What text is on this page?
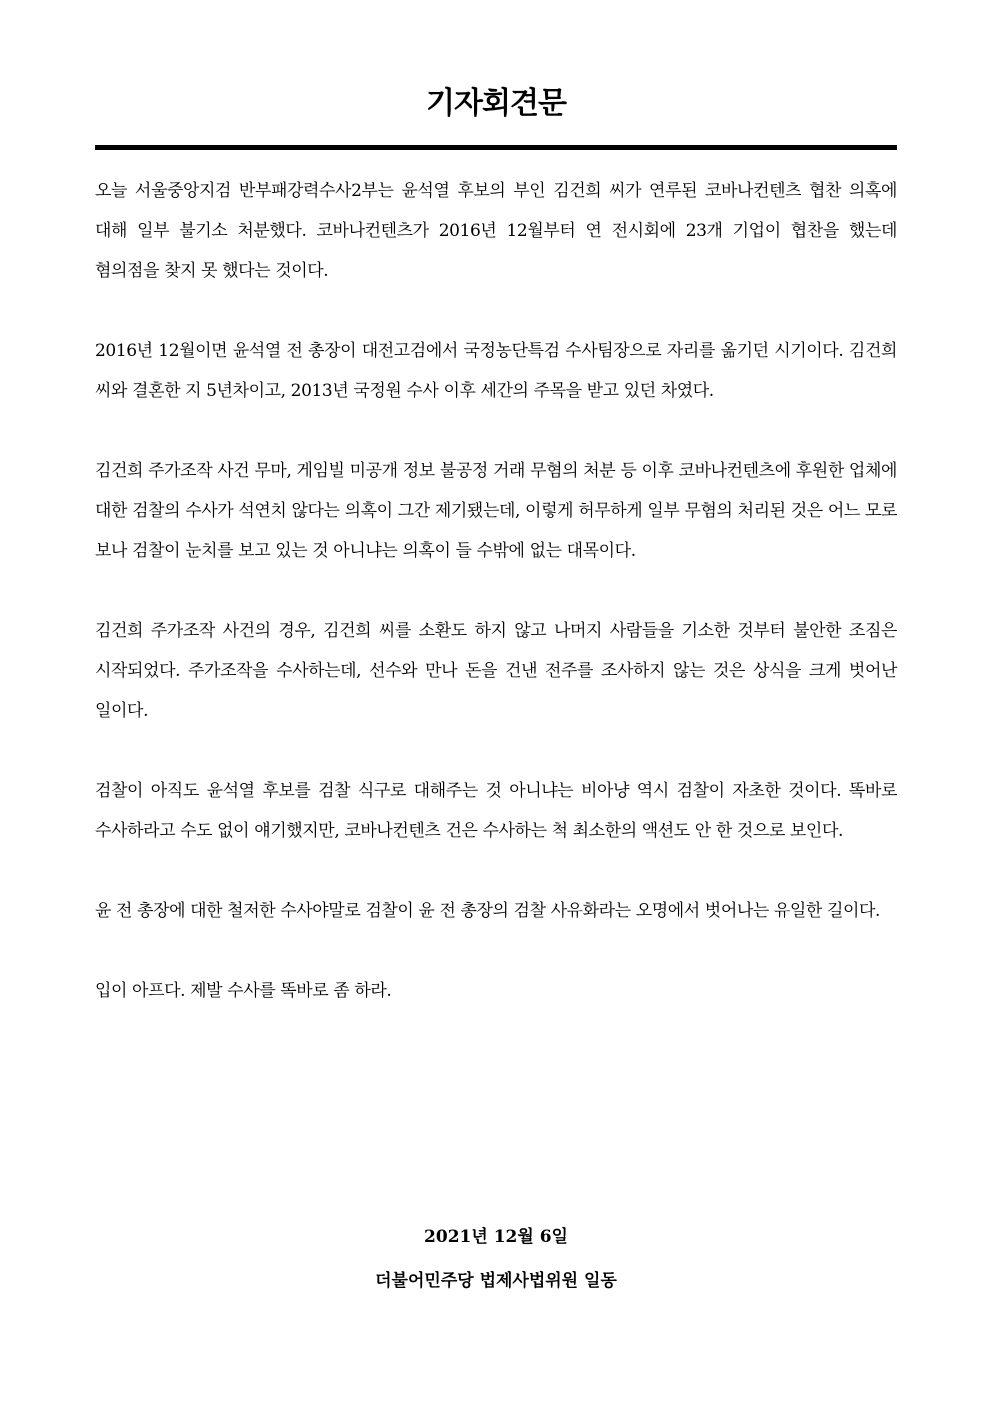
기자회견문

오늘 서울중앙지검 반부패강력수사2부는 윤석열 후보의 부인 김건희 씨가 연루된 코바나컨텐츠 협찬 의혹에 대해 일부 불기소 처분했다. 코바나컨텐츠가 2016년 12월부터 연 전시회에 23개 기업이 협찬을 했는데 혐의점을 찾지 못 했다는 것이다.

2016년 12월이면 윤석열 전 총장이 대전고검에서 국정농단특검 수사팀장으로 자리를 옮기던 시기이다. 김건희 씨와 결혼한 지 5년차이고, 2013년 국정원 수사 이후 세간의 주목을 받고 있던 차였다.

김건희 주가조작 사건 무마, 게임빌 미공개 정보 불공정 거래 무혐의 처분 등 이후 코바나컨텐츠에 후원한 업체에 대한 검찰의 수사가 석연치 않다는 의혹이 그간 제기됐는데, 이렇게 허무하게 일부 무혐의 처리된 것은 어느 모로 보나 검찰이 눈치를 보고 있는 것 아니냐는 의혹이 들 수밖에 없는 대목이다.

김건희 주가조작 사건의 경우, 김건희 씨를 소환도 하지 않고 나머지 사람들을 기소한 것부터 불안한 조짐은 시작되었다. 주가조작을 수사하는데, 선수와 만나 돈을 건낸 전주를 조사하지 않는 것은 상식을 크게 벗어난 일이다.

검찰이 아직도 윤석열 후보를 검찰 식구로 대해주는 것 아니냐는 비아냥 역시 검찰이 자초한 것이다. 똑바로 수사하라고 수도 없이 얘기했지만, 코바나컨텐츠 건은 수사하는 척 최소한의 액션도 안 한 것으로 보인다.

윤 전 총장에 대한 철저한 수사야말로 검찰이 윤 전 총장의 검찰 사유화라는 오명에서 벗어나는 유일한 길이다.

입이 아프다. 제발 수사를 똑바로 좀 하라.

2021년 12월 6일
더불어민주당 법제사법위원 일동
